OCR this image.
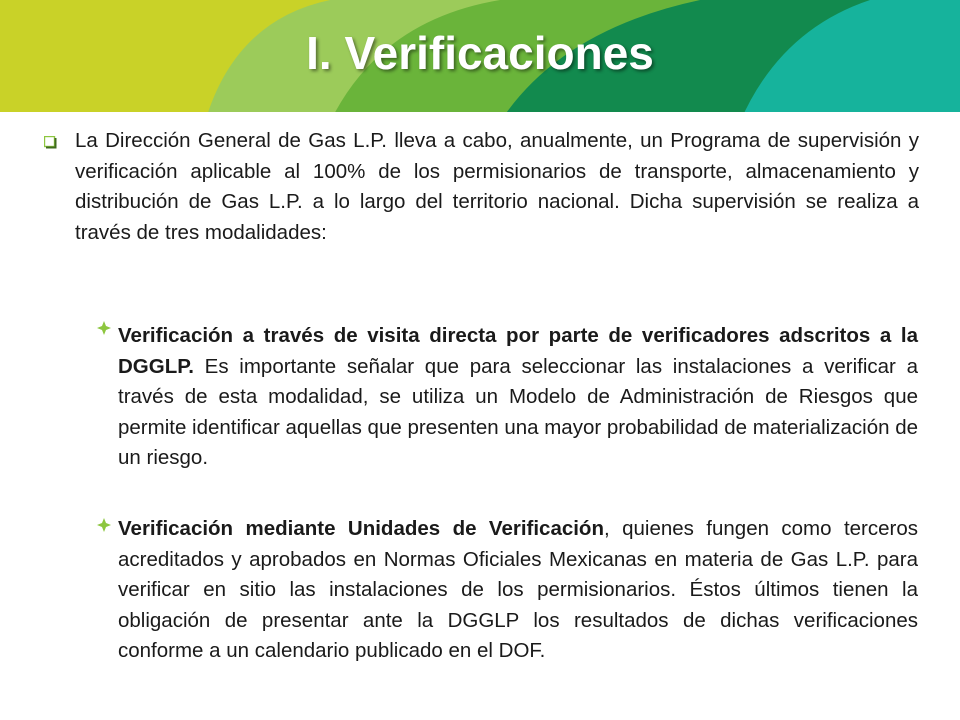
I. Verificaciones

La Dirección General de Gas L.P. lleva a cabo, anualmente, un Programa de supervisión y verificación aplicable al 100% de los permisionarios de transporte, almacenamiento y distribución de Gas L.P. a lo largo del territorio nacional. Dicha supervisión se realiza a través de tres modalidades:

Verificación a través de visita directa por parte de verificadores adscritos a la DGGLP. Es importante señalar que para seleccionar las instalaciones a verificar a través de esta modalidad, se utiliza un Modelo de Administración de Riesgos que permite identificar aquellas que presenten una mayor probabilidad de materialización de un riesgo.

Verificación mediante Unidades de Verificación, quienes fungen como terceros acreditados y aprobados en Normas Oficiales Mexicanas en materia de Gas L.P. para verificar en sitio las instalaciones de los permisionarios. Éstos últimos tienen la obligación de presentar ante la DGGLP los resultados de dichas verificaciones conforme a un calendario publicado en el DOF.
